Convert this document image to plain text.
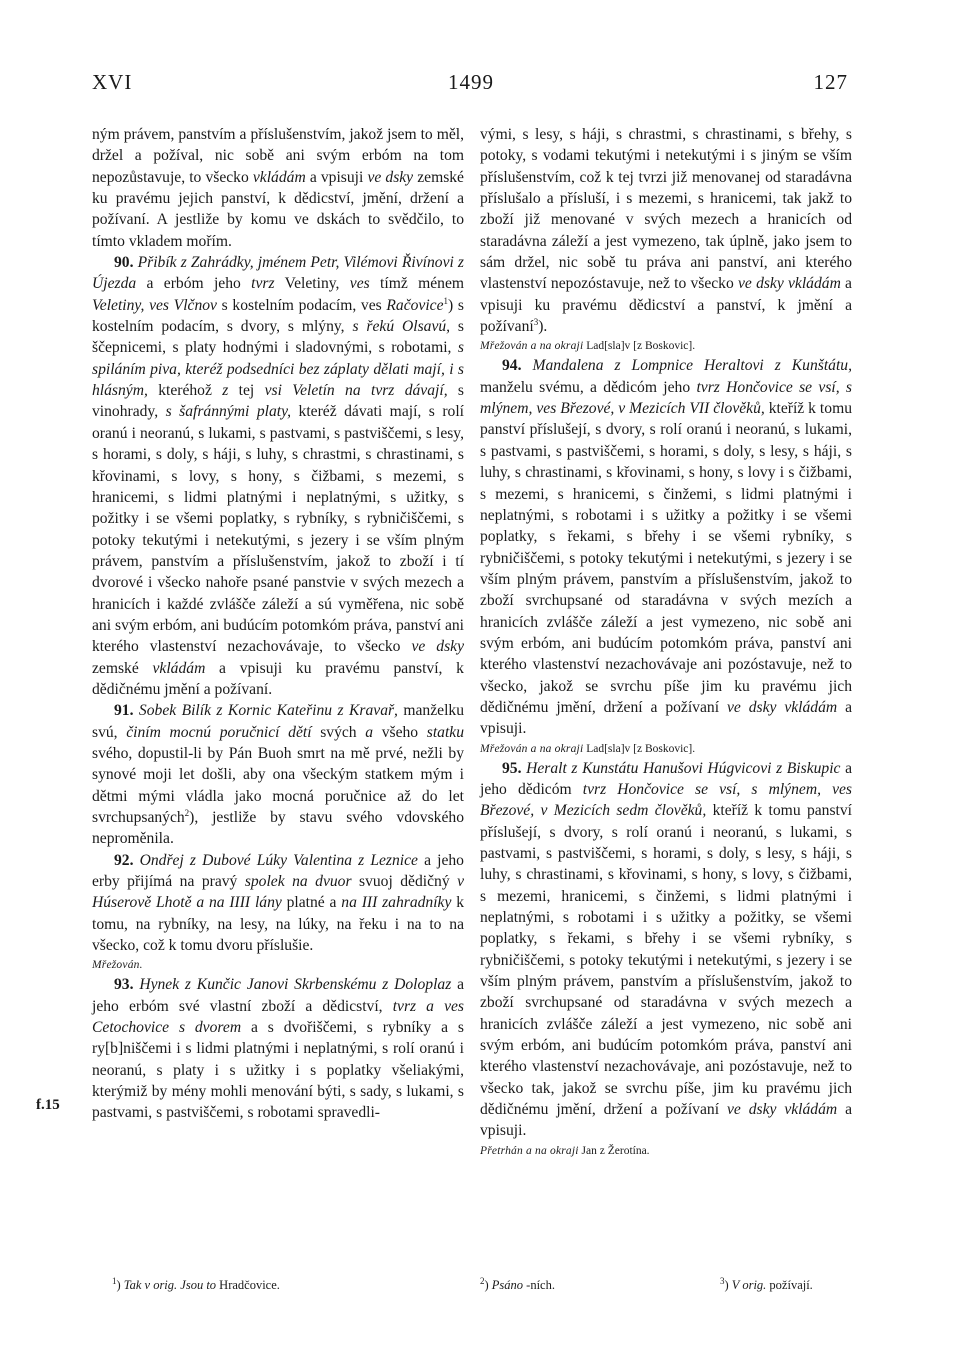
XVI	1499	127
f.15

ným právem, panstvím a příslušenstvím, jakož jsem to měl, držel a požíval, nic sobě ani svým erbóm na tom nepozůstavuje, to všecko vkládám a vpisuji ve dsky zemské ku pravému jejich panství, k dědicství, jmění, držení a požívaní. A jestliže by komu ve dskách to svědčilo, to tímto vkladem mořím.

90. Přibík z Zahrádky, jménem Petr, Vilémovi Řivínovi z Újezda a erbóm jeho tvrz Veletiny, ves tímž ménem Veletiny, ves Vlčnov s kostelním podacím, ves Račovice$^1$) s kostelním podacím, s dvory, s mlýny, s řekú Olsavú, s ščepnicemi, s platy hodnými i sladovnými, s robotami, s spiláním piva, kteréž podsedníci bez záplaty dělati mají, i s hlásným, kteréhož z tej vsi Veletín na tvrz dávají, s vinohrady, s šafránnými platy, kteréž dávati mají, s rolí oranú i neoranú, s lukami, s pastvami, s pastviščemi, s lesy, s horami, s doly, s háji, s luhy, s chrastmi, s chrastinami, s křovinami, s lovy, s hony, s čižbami, s mezemi, s hranicemi, s lidmi platnými i neplatnými, s užitky, s požitky i se všemi poplatky, s rybníky, s rybničiščemi, s potoky tekutými i netekutými, s jezery i se vším plným právem, panstvím a příslušenstvím, jakož to zboží i tí dvorové i všecko nahoře psané panstvie v svých mezech a hranicích i každé zvlášče záleží a sú vyměřena, nic sobě ani svým erbóm, ani budúcím potomkóm práva, panství ani kterého vlastenství nezachovávaje, to všecko ve dsky zemské vkládám a vpisuji ku pravému panství, k dědičnému jmění a požívaní.

91. Sobek Bilík z Kornic Kateřinu z Kravař, manželku svú, činím mocnú poručnicí dětí svých a všeho statku svého, dopustil-li by Pán Buoh smrt na mě prvé, nežli by synové moji let došli, aby ona všeckým statkem mým i dětmi mými vládla jako mocná poručnice až do let svrchupsaných$^2$), jestliže by stavu svého vdovského neproměnila.

92. Ondřej z Dubové Lúky Valentina z Leznice a jeho erby přijímá na pravý spolek na dvuor svuoj dědičný v Húserově Lhotě a na IIII lány platné a na III zahradníky k tomu, na rybníky, na lesy, na lúky, na řeku i na to na všecko, což k tomu dvoru příslušie.

Mřežován.

93. Hynek z Kunčic Janovi Skrbenskému z Doloplaz a jeho erbóm své vlastní zboží a dědicství, tvrz a ves Cetochovice s dvorem a s dvořiščemi, s rybníky a s ry[b]niščemi i s lidmi platnými i neplatnými, s rolí oranú i neoranú, s platy i s užitky i s poplatky všeliakými, kterýmiž by mény mohli menování býti, s sady, s lukami, s pastvami, s pastviščemi, s robotami spravedli-

vými, s lesy, s háji, s chrastmi, s chrastinami, s břehy, s potoky, s vodami tekutými i netekutými i s jiným se vším příslušenstvím, což k tej tvrzi již menovanej od staradávna příslušalo a přísluší, i s mezemi, s hranicemi, tak jakž to zboží již menované v svých mezech a hranicích od staradávna záleží a jest vymezeno, tak úplně, jako jsem to sám držel, nic sobě tu práva ani panství, ani kterého vlastenství nepozóstavuje, než to všecko ve dsky vkládám a vpisuji ku pravému dědicství a panství, k jmění a požívaní$^3$).

Mřežován a na okraji Lad[sla]v [z Boskovic].

94. Mandalena z Lompnice Heraltovi z Kunštátu, manželu svému, a dědicóm jeho tvrz Hončovice se vsí, s mlýnem, ves Březové, v Mezicích VII člověků, kteříž k tomu panství příslušejí, s dvory, s rolí oranú i neoranú, s lukami, s pastvami, s pastviščemi, s horami, s doly, s lesy, s háji, s luhy, s chrastinami, s křovinami, s hony, s lovy i s čižbami, s mezemi, s hranicemi, s činžemi, s lidmi platnými i neplatnými, s robotami i s užitky a požitky i se všemi poplatky, s řekami, s břehy i se všemi rybníky, s rybničiščemi, s potoky tekutými i netekutými, s jezery i se vším plným právem, panstvím a příslušenstvím, jakož to zboží svrchupsané od staradávna v svých mezích a hranicích zvlášče záleží a jest vymezeno, nic sobě ani svým erbóm, ani budúcím potomkóm práva, panství ani kterého vlastenství nezachovávaje ani pozóstavuje, než to všecko, jakož se svrchu píše jim ku pravému jich dědičnému jmění, držení a požívaní ve dsky vkládám a vpisuji.

Mřežován a na okraji Lad[sla]v [z Boskovic].

95. Heralt z Kunstátu Hanušovi Húgvicovi z Biskupic a jeho dědicóm tvrz Hončovice se vsí, s mlýnem, ves Březové, v Mezicích sedm člověků, kteříž k tomu panství příslušejí, s dvory, s rolí oranú i neoranú, s lukami, s pastvami, s pastviščemi, s horami, s doly, s lesy, s háji, s luhy, s chrastinami, s křovinami, s hony, s lovy, s čižbami, s mezemi, hranicemi, s činžemi, s lidmi platnými i neplatnými, s robotami i s užitky a požitky, se všemi poplatky, s řekami, s břehy i se všemi rybníky, s rybničiščemi, s potoky tekutými i netekutými, s jezery i se vším plným právem, panstvím a příslušenstvím, jakož to zboží svrchupsané od staradávna v svých mezech a hranicích zvlášče záleží a jest vymezeno, nic sobě ani svým erbóm, ani budúcím potomkóm práva, panství ani kterého vlastenství nezachovávaje, ani pozóstavuje, než to všecko tak, jakož se svrchu píše, jim ku pravému jich dědičnému jmění, držení a požívaní ve dsky vkládám a vpisuji.

Přetrhán a na okraji Jan z Žerotína.

$^1$) Tak v orig. Jsou to Hradčovice.	$^2$) Psáno -ních.	$^3$) V orig. požívají.
